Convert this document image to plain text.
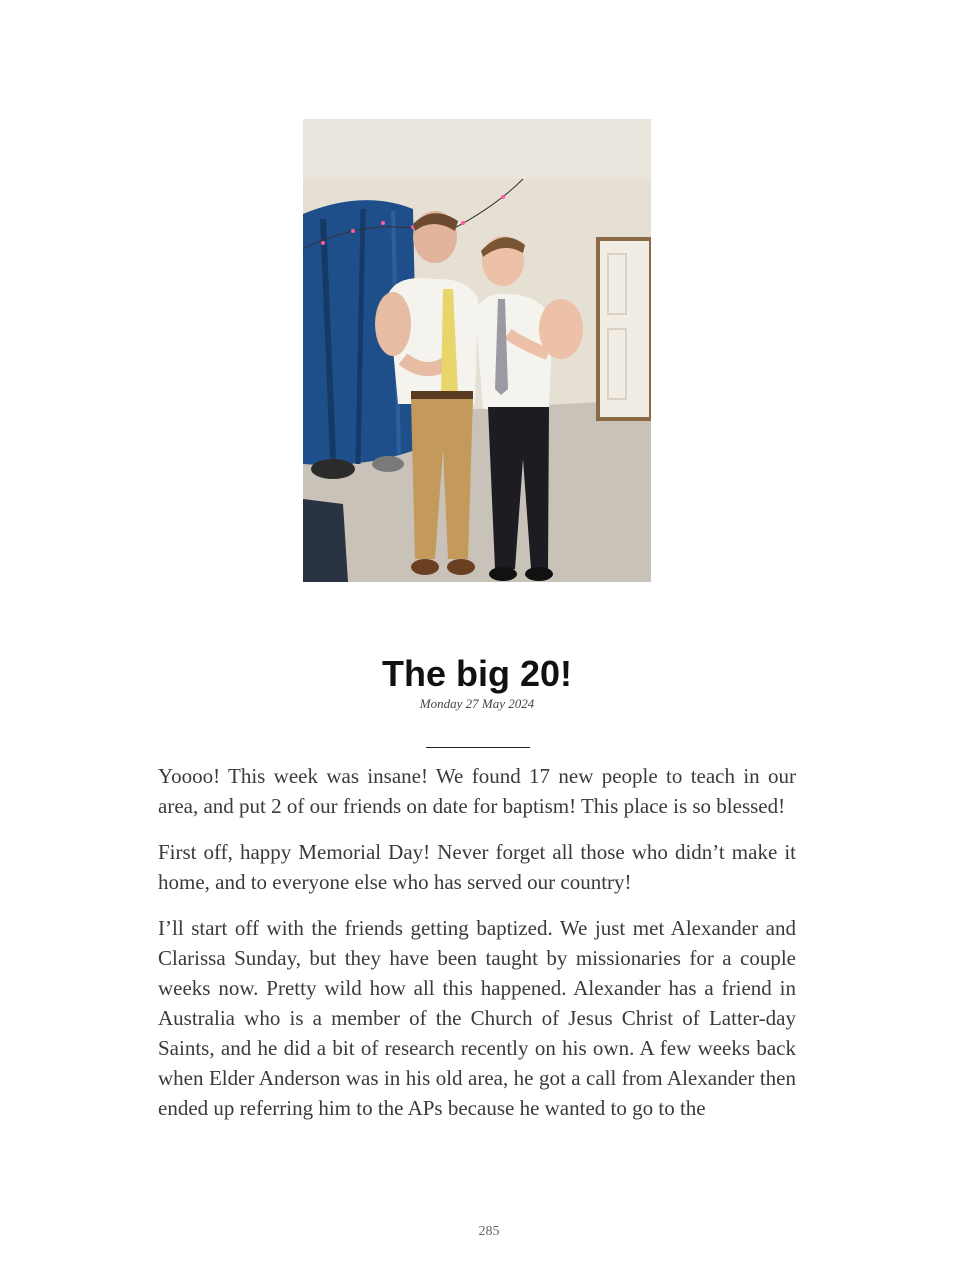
The big 20!
Monday 27 May 2024

Yoooo! This week was insane! We found 17 new people to teach in our area, and put 2 of our friends on date for baptism! This place is so blessed!

First off, happy Memorial Day! Never forget all those who didn’t make it home, and to everyone else who has served our country!

I’ll start off with the friends getting baptized. We just met Alexander and Clarissa Sunday, but they have been taught by missionaries for a couple weeks now. Pretty wild how all this happened. Alexander has a friend in Australia who is a member of the Church of Jesus Christ of Latter-day Saints, and he did a bit of research recently on his own. A few weeks back when Elder Anderson was in his old area, he got a call from Alexander then ended up referring him to the APs because he wanted to go to the

285
